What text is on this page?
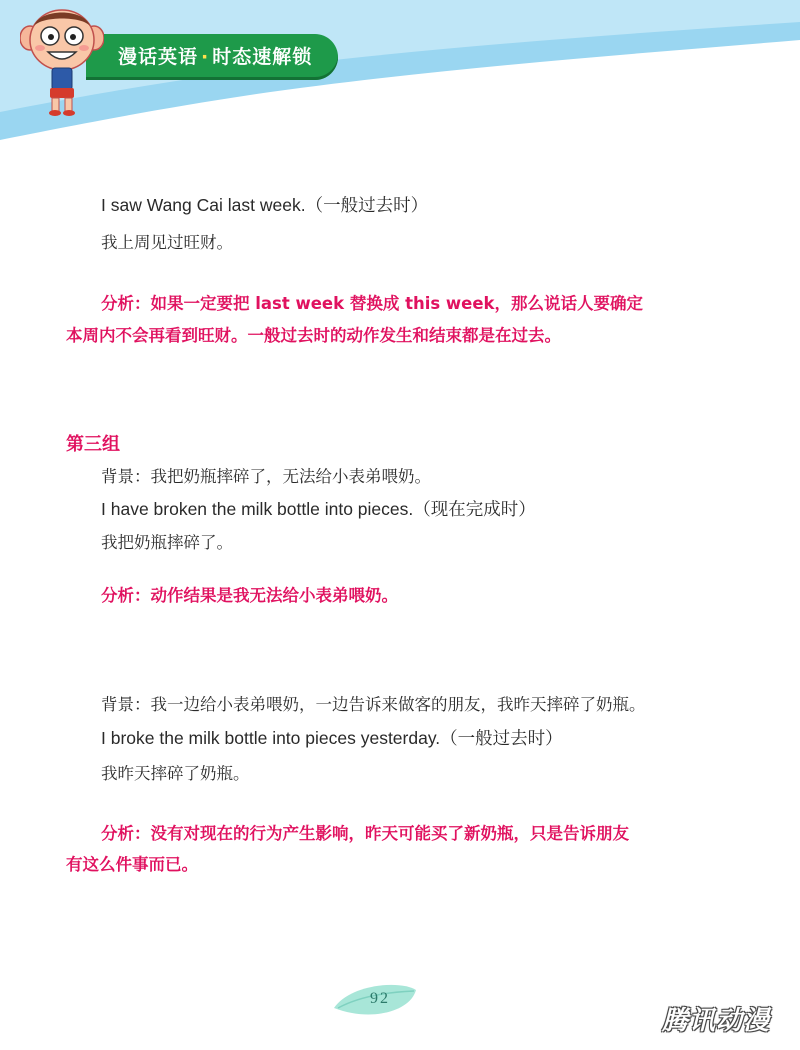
漫话英语 · 时态速解锁
I saw Wang Cai last week.（一般过去时）
我上周见过旺财。
分析：如果一定要把 last week 替换成 this week，那么说话人要确定
本周内不会再看到旺财。一般过去时的动作发生和结束都是在过去。
第三组
背景：我把奶瓶摔碎了，无法给小表弟喂奶。
I have broken the milk bottle into pieces.（现在完成时）
我把奶瓶摔碎了。
分析：动作结果是我无法给小表弟喂奶。
背景：我一边给小表弟喂奶，一边告诉来做客的朋友，我昨天摔碎了奶瓶。
I broke the milk bottle into pieces yesterday.（一般过去时）
我昨天摔碎了奶瓶。
分析：没有对现在的行为产生影响，昨天可能买了新奶瓶，只是告诉朋友
有这么件事而已。
92
腾讯动漫
